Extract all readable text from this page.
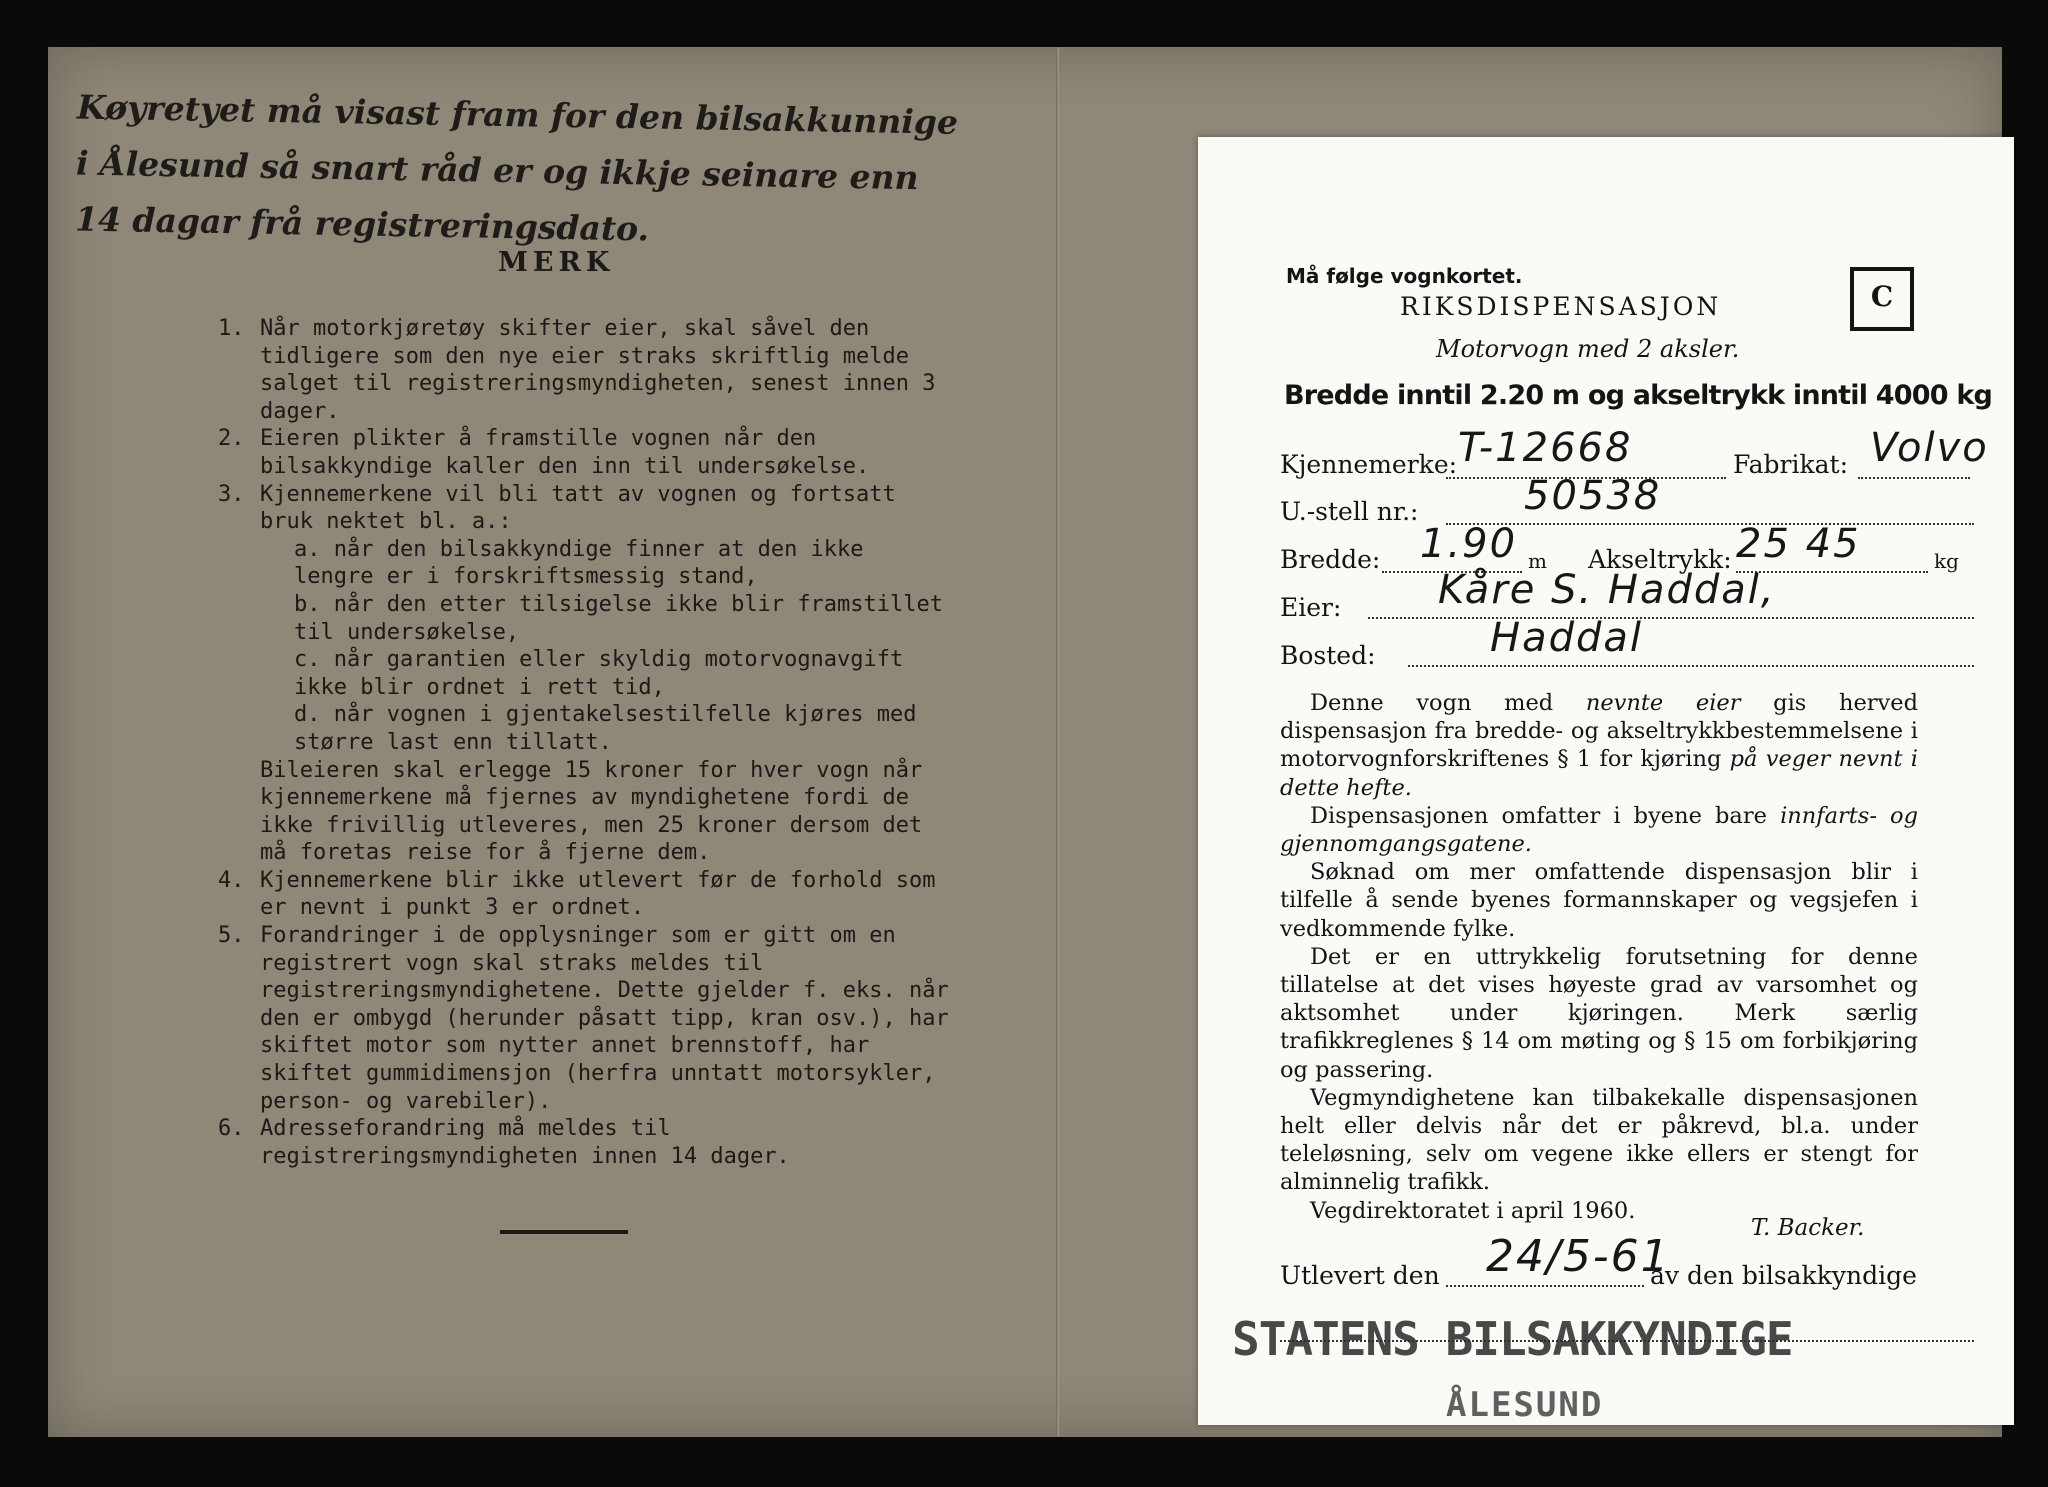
Køyretyet må visast fram for den bilsakkunnige
i Ålesund så snart råd er og ikkje seinare enn
14 dagar frå registreringsdato.
MERK
1. Når motorkjøretøy skifter eier, skal såvel den tidligere som den nye eier straks skriftlig melde salget til registreringsmyndigheten, senest innen 3 dager.
2. Eieren plikter å framstille vognen når den bilsakkyndige kaller den inn til undersøkelse.
3. Kjennemerkene vil bli tatt av vognen og fortsatt bruk nektet bl. a.:
a. når den bilsakkyndige finner at den ikke lengre er i forskriftsmessig stand,
b. når den etter tilsigelse ikke blir framstillet til undersøkelse,
c. når garantien eller skyldig motorvognavgift ikke blir ordnet i rett tid,
d. når vognen i gjentakelsestilfelle kjøres med større last enn tillatt.
Bileieren skal erlegge 15 kroner for hver vogn når kjennemerkene må fjernes av myndighetene fordi de ikke frivillig utleveres, men 25 kroner dersom det må foretas reise for å fjerne dem.
4. Kjennemerkene blir ikke utlevert før de forhold som er nevnt i punkt 3 er ordnet.
5. Forandringer i de opplysninger som er gitt om en registrert vogn skal straks meldes til registreringsmyndighetene. Dette gjelder f. eks. når den er ombygd (herunder påsatt tipp, kran osv.), har skiftet motor som nytter annet brennstoff, har skiftet gummidimensjon (herfra unntatt motorsykler, person- og varebiler).
6. Adresseforandring må meldes til registreringsmyndigheten innen 14 dager.
Må følge vognkortet.
RIKSDISPENSASJON
Motorvogn med 2 aksler.
C
Bredde inntil 2.20 m og akseltrykk inntil 4000 kg
Kjennemerke: T-12668	Fabrikat: Volvo
U.-stell nr.:	50538
Bredde: 1.90 m Akseltrykk: 25 45	kg
Eier: Kåre S. Haddal,
Bosted:	Haddal

Denne vogn med nevnte eier gis herved dispensasjon fra bredde- og akseltrykkbestemmelsene i motorvognforskriftenes § 1 for kjøring på veger nevnt i dette hefte.

Dispensasjonen omfatter i byene bare innfarts- og gjennomgangsgatene.

Søknad om mer omfattende dispensasjon blir i tilfelle å sende byenes formannskaper og vegsjefen i vedkommende fylke.

Det er en uttrykkelig forutsetning for denne tillatelse at det vises høyeste grad av varsomhet og aktsomhet under kjøringen. Merk særlig trafikkreglenes § 14 om møting og § 15 om forbikjøring og passering.

Vegmyndighetene kan tilbakekalle dispensasjonen helt eller delvis når det er påkrevd, bl.a. under teleløsning, selv om vegene ikke ellers er stengt for alminnelig trafikk.

Vegdirektoratet i april 1960.

T. Backer.
Utlevert den 24/5-61
av den bilsakkyndige
STATENS BILSAKKYNDIGE
ÅLESUND
